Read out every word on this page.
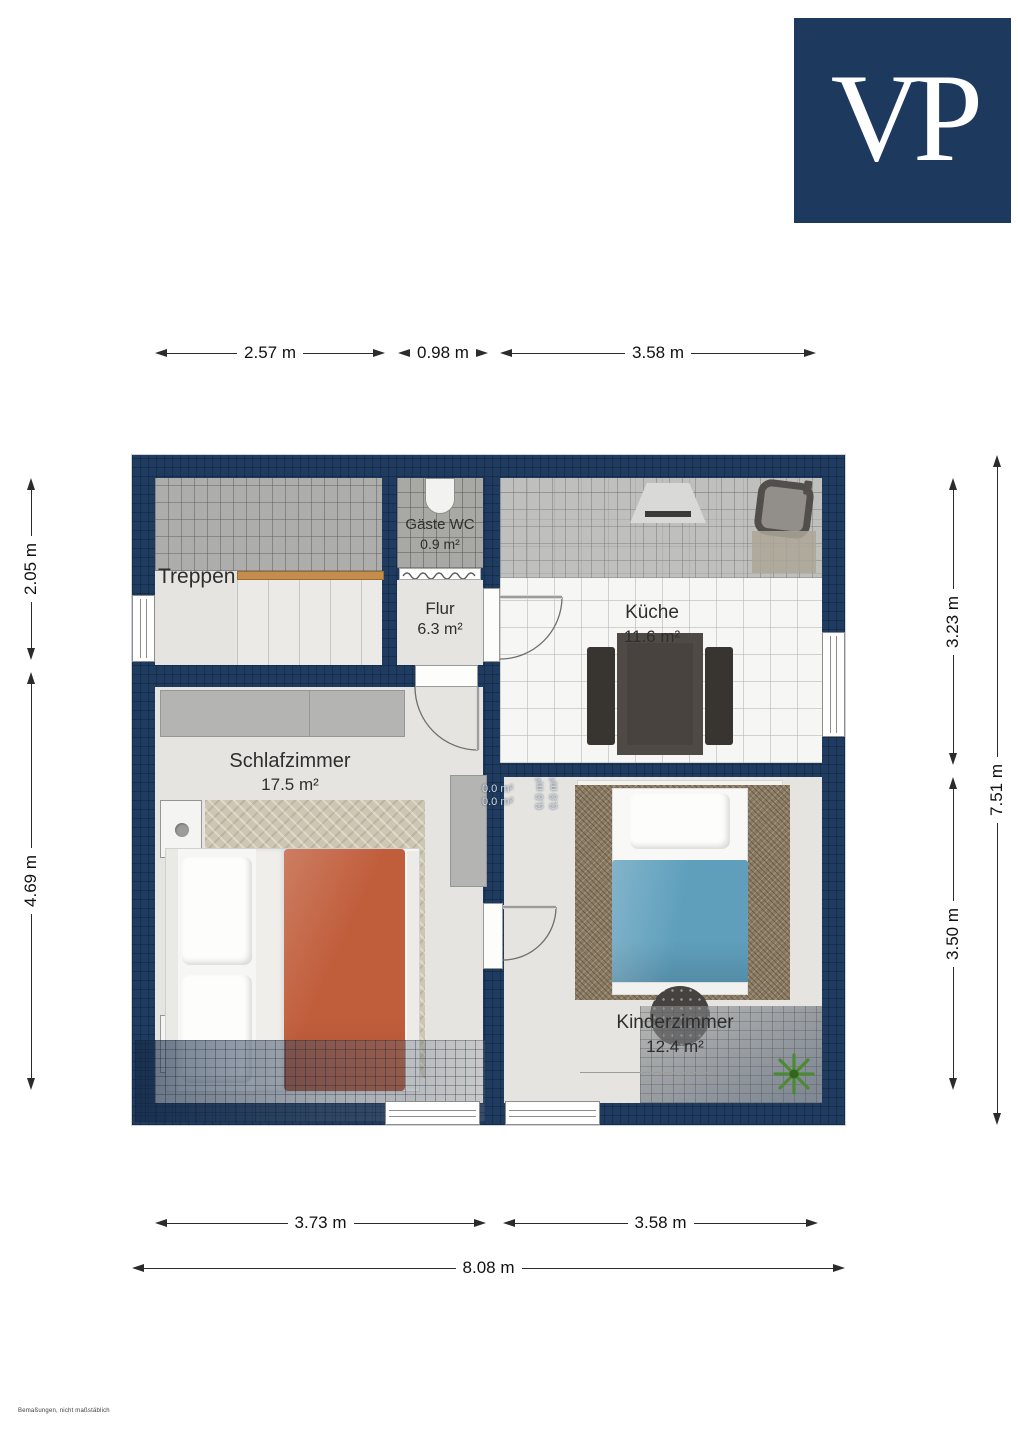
VP
2.57 m	0.98 m	3.58 m
3.73 m	3.58 m
8.08 m
2.05 m
4.69 m
3.23 m
3.50 m
7.51 m
Treppen
Gäste WC
0.9 m²
Flur
6.3 m²
Küche
11.6 m²
Schlafzimmer
17.5 m²
Kinderzimmer
12.4 m²
0.0 m²
0.0 m² 0.0 m² 0.0 m²
Bemaßungen, nicht maßstäblich
